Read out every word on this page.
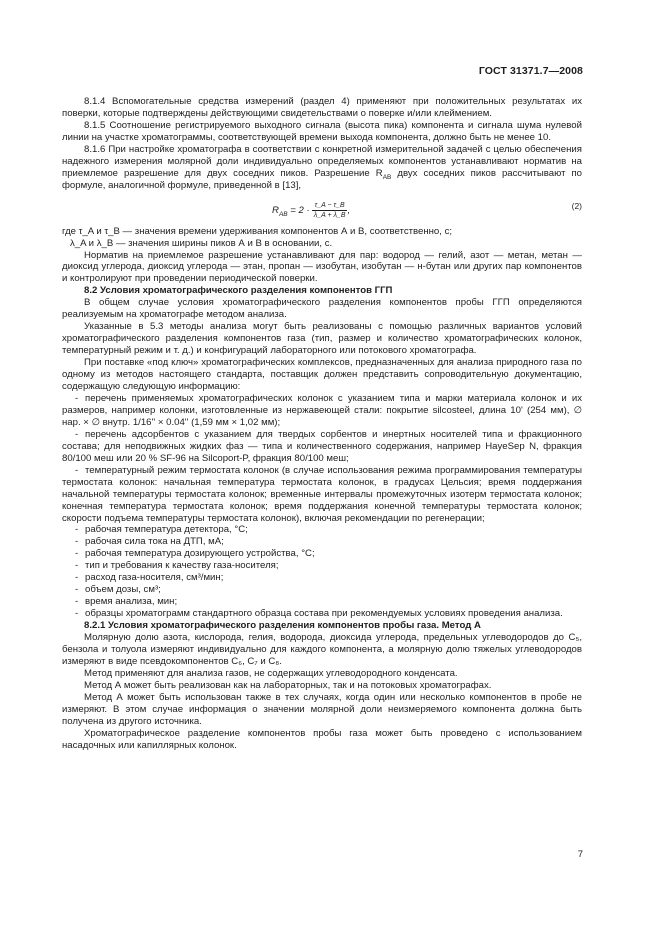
ГОСТ 31371.7—2008

8.1.4 Вспомогательные средства измерений (раздел 4) применяют при положительных результатах их поверки, которые подтверждены действующими свидетельствами о поверке и/или клеймением.

8.1.5 Соотношение регистрируемого выходного сигнала (высота пика) компонента и сигнала шума нулевой линии на участке хроматограммы, соответствующей времени выхода компонента, должно быть не менее 10.

8.1.6 При настройке хроматографа в соответствии с конкретной измерительной задачей с целью обеспечения надежного измерения молярной доли индивидуально определяемых компонентов устанавливают норматив на приемлемое разрешение для двух соседних пиков. Разрешение $R_{AB}$ двух соседних пиков рассчитывают по формуле, аналогичной формуле, приведенной в [13],

$R_{AB} = 2 \cdot \frac{\tau\_A - \tau\_B}{\lambda\_A + \lambda\_B}$ ,	(2)

где τ_A и τ_B — значения времени удерживания компонентов А и В, соответственно, с;

λ_A и λ_B — значения ширины пиков А и В в основании, с.

Норматив на приемлемое разрешение устанавливают для пар: водород — гелий, азот — метан, метан — диоксид углерода, диоксид углерода — этан, пропан — изобутан, изобутан — н-бутан или других пар компонентов и контролируют при проведении периодической поверки.

8.2 Условия хроматографического разделения компонентов ГГП

В общем случае условия хроматографического разделения компонентов пробы ГГП определяются реализуемым на хроматографе методом анализа.

Указанные в 5.3 методы анализа могут быть реализованы с помощью различных вариантов условий хроматографического разделения компонентов газа (тип, размер и количество хроматографических колонок, температурный режим и т. д.) и конфигураций лабораторного или потокового хроматографа.

При поставке «под ключ» хроматографических комплексов, предназначенных для анализа природного газа по одному из методов настоящего стандарта, поставщик должен представить сопроводительную документацию, содержащую следующую информацию:

- перечень применяемых хроматографических колонок с указанием типа и марки материала колонок и их размеров, например колонки, изготовленные из нержавеющей стали: покрытие silcosteel, длина 10' (254 мм), ∅ нар. × ∅ внутр. 1/16'' × 0.04'' (1,59 мм × 1,02 мм);

- перечень адсорбентов с указанием для твердых сорбентов и инертных носителей типа и фракционного состава; для неподвижных жидких фаз — типа и количественного содержания, например HayeSep N, фракция 80/100 меш или 20 % SF-96 на Silcoport-P, фракция 80/100 меш;

- температурный режим термостата колонок (в случае использования режима программирования температуры термостата колонок: начальная температура термостата колонок, в градусах Цельсия; время поддержания начальной температуры термостата колонок; временные интервалы промежуточных изотерм термостата колонок; конечная температура термостата колонок; время поддержания конечной температуры термостата колонок; скорости подъема температуры термостата колонок), включая рекомендации по регенерации;

- рабочая температура детектора, °С;

- рабочая сила тока на ДТП, мА;

- рабочая температура дозирующего устройства, °С;

- тип и требования к качеству газа-носителя;

- расход газа-носителя, см³/мин;

- объем дозы, см³;

- время анализа, мин;

- образцы хроматограмм стандартного образца состава при рекомендуемых условиях проведения анализа.

8.2.1 Условия хроматографического разделения компонентов пробы газа. Метод А

Молярную долю азота, кислорода, гелия, водорода, диоксида углерода, предельных углеводородов до С₅, бензола и толуола измеряют индивидуально для каждого компонента, а молярную долю тяжелых углеводородов измеряют в виде псевдокомпонентов С₆, С₇ и С₈.

Метод применяют для анализа газов, не содержащих углеводородного конденсата.

Метод А может быть реализован как на лабораторных, так и на потоковых хроматографах.

Метод А может быть использован также в тех случаях, когда один или несколько компонентов в пробе не измеряют. В этом случае информация о значении молярной доли неизмеряемого компонента должна быть получена из другого источника.

Хроматографическое разделение компонентов пробы газа может быть проведено с использованием насадочных или капиллярных колонок.

7
